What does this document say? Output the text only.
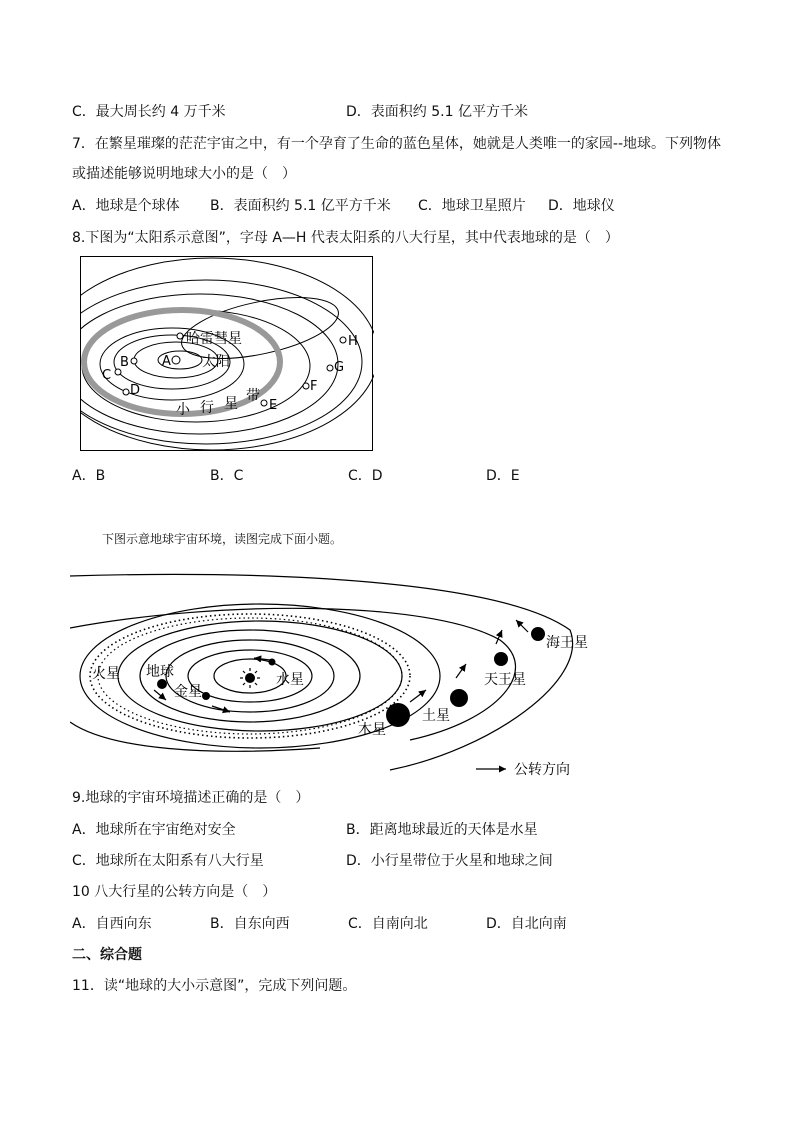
C．最大周长约 4 万千米	D．表面积约 5.1 亿平方千米
7．在繁星璀璨的茫茫宇宙之中，有一个孕育了生命的蓝色星体，她就是人类唯一的家园--地球。下列物体
或描述能够说明地球大小的是（　）
A．地球是个球体 B．表面积约 5.1 亿平方千米 C．地球卫星照片 D．地球仪
8.下图为“太阳系示意图”，字母 A—H 代表太阳系的八大行星，其中代表地球的是（　）
太阳
哈雷彗星
A
B
C
D
E
F
G
H
小 行 星 带
A．B	B．C	C．D	D．E
下图示意地球宇宙环境，读图完成下面小题。
火星 地球
金星
水星
木星
土星
天王星
海王星
公转方向
9.地球的宇宙环境描述正确的是（　）
A．地球所在宇宙绝对安全	B．距离地球最近的天体是水星
C．地球所在太阳系有八大行星	D．小行星带位于火星和地球之间
10 八大行星的公转方向是（　）
A．自西向东	B．自东向西	C．自南向北	D．自北向南
二、综合题
11．读“地球的大小示意图”，完成下列问题。
